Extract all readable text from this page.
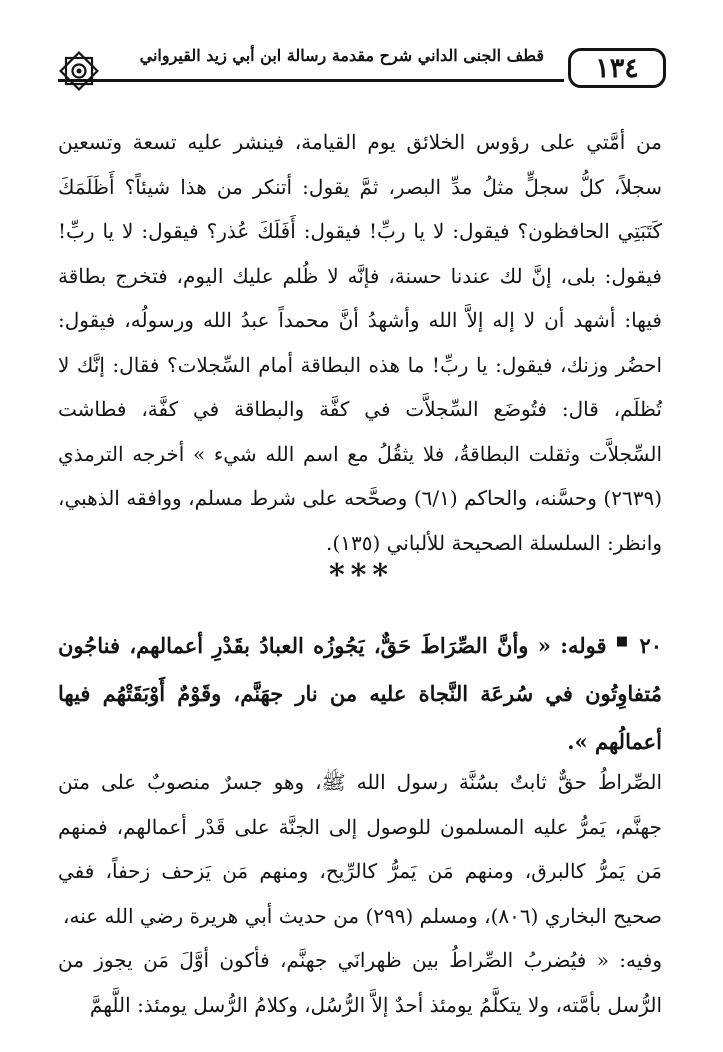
قطف الجنى الداني شرح مقدمة رسالة ابن أبي زيد القيرواني ١٣٤

من أمَّتي على رؤوس الخلائق يوم القيامة، فينشر عليه تسعة وتسعين سجلاً، كلُّ سجلٍّ مثلُ مدِّ البصر، ثمَّ يقول: أتنكر من هذا شيئاً؟ أَظَلَمَكَ كَتَبَتِي الحافظون؟ فيقول: لا يا ربِّ! فيقول: أَفَلَكَ عُذر؟ فيقول: لا يا ربِّ! فيقول: بلى، إنَّ لك عندنا حسنة، فإنَّه لا ظُلم عليك اليوم، فتخرج بطاقة فيها: أشهد أن لا إله إلاَّ الله وأشهدُ أنَّ محمداً عبدُ الله ورسولُه، فيقول: احضُر وزنك، فيقول: يا ربِّ! ما هذه البطاقة أمام السِّجلات؟ فقال: إنَّك لا تُظلَم، قال: فتُوضَع السِّجلاَّت في كفَّة والبطاقة في كفَّة، فطاشت السِّجلاَّت وثقلت البطاقةُ، فلا يثقُلُ مع اسم الله شيء » أخرجه الترمذي (٢٦٣٩) وحسَّنه، والحاكم (٦/١) وصحَّحه على شرط مسلم، ووافقه الذهبي، وانظر: السلسلة الصحيحة للألباني (١٣٥).

***

٢٠ ■ قوله: « وأنَّ الصِّرَاطَ حَقٌّ، يَجُوزُه العبادُ بقَدْرِ أعمالهم، فناجُون مُتفاوِتُون في سُرعَة النَّجاة عليه من نار جهَنَّم، وقَوْمٌ أَوْبَقَتْهُم فيها أعمالُهم ».

الصِّراطُ حقٌّ ثابتٌ بسُنَّة رسول الله ﷺ، وهو جسرٌ منصوبٌ على متن جهنَّم، يَمرُّ عليه المسلمون للوصول إلى الجنَّة على قَدْر أعمالهم، فمنهم مَن يَمرُّ كالبرق، ومنهم مَن يَمرُّ كالرِّيح، ومنهم مَن يَزحف زحفاً، ففي صحيح البخاري (٨٠٦)، ومسلم (٢٩٩) من حديث أبي هريرة رضي الله عنه،

وفيه: « فيُضربُ الصِّراطُ بين ظهرانَي جهنَّم، فأكون أوَّلَ مَن يجوز من الرُّسل بأمَّته، ولا يتكلَّمُ يومئذ أحدٌ إلاَّ الرُّسُل، وكلامُ الرُّسل يومئذ: اللَّهمَّ
